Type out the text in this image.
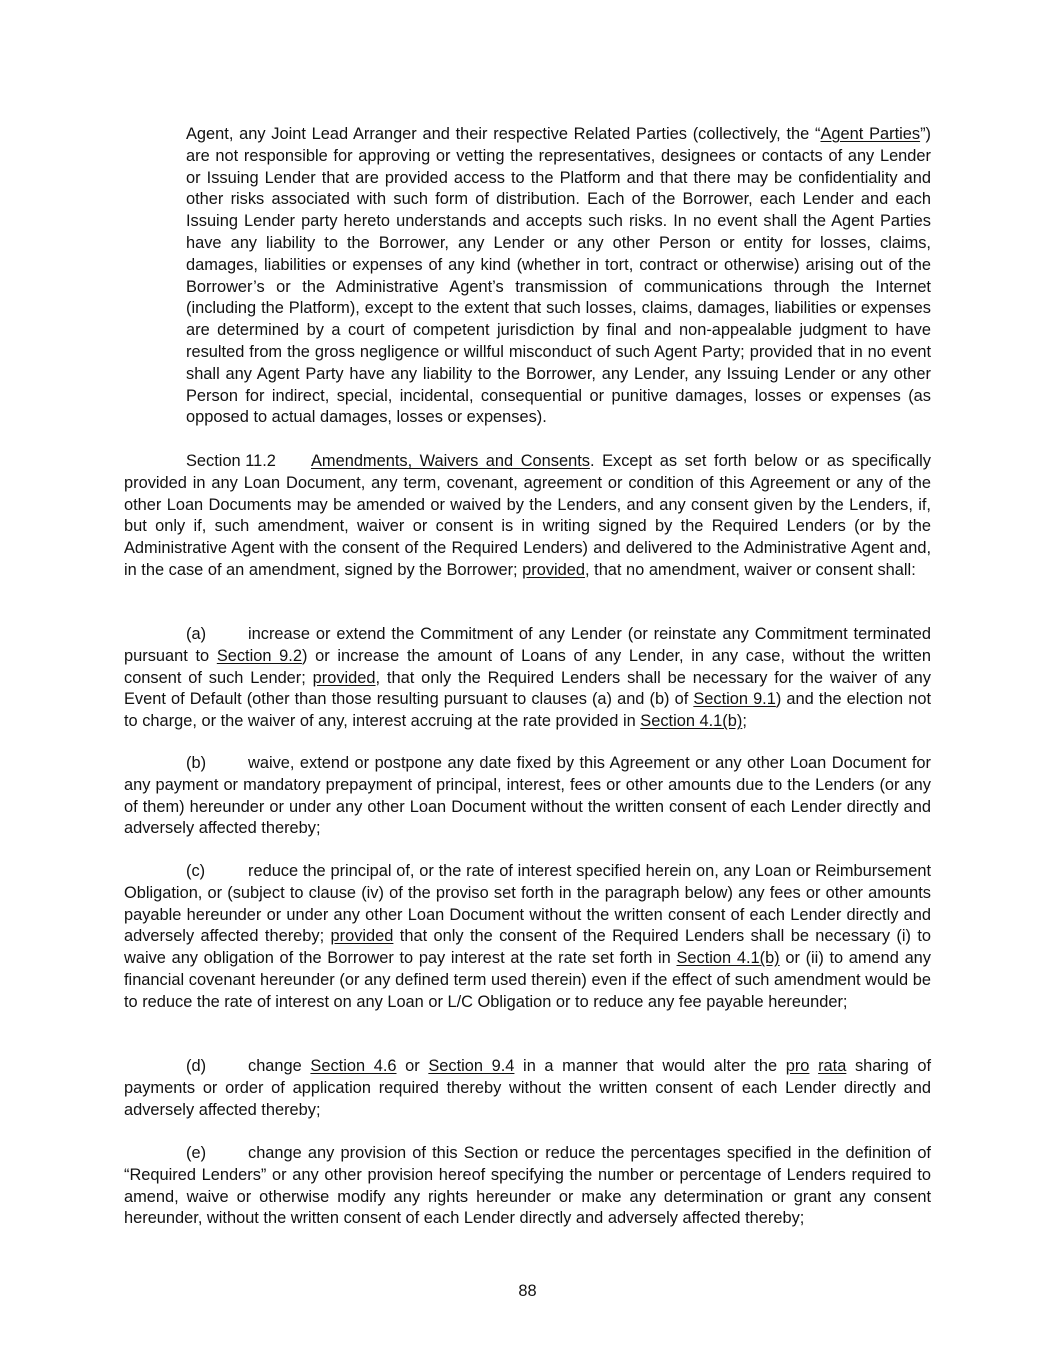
Agent, any Joint Lead Arranger and their respective Related Parties (collectively, the “Agent Parties”) are not responsible for approving or vetting the representatives, designees or contacts of any Lender or Issuing Lender that are provided access to the Platform and that there may be confidentiality and other risks associated with such form of distribution. Each of the Borrower, each Lender and each Issuing Lender party hereto understands and accepts such risks. In no event shall the Agent Parties have any liability to the Borrower, any Lender or any other Person or entity for losses, claims, damages, liabilities or expenses of any kind (whether in tort, contract or otherwise) arising out of the Borrower’s or the Administrative Agent’s transmission of communications through the Internet (including the Platform), except to the extent that such losses, claims, damages, liabilities or expenses are determined by a court of competent jurisdiction by final and non-appealable judgment to have resulted from the gross negligence or willful misconduct of such Agent Party; provided that in no event shall any Agent Party have any liability to the Borrower, any Lender, any Issuing Lender or any other Person for indirect, special, incidental, consequential or punitive damages, losses or expenses (as opposed to actual damages, losses or expenses).

Section 11.2 Amendments, Waivers and Consents. Except as set forth below or as specifically provided in any Loan Document, any term, covenant, agreement or condition of this Agreement or any of the other Loan Documents may be amended or waived by the Lenders, and any consent given by the Lenders, if, but only if, such amendment, waiver or consent is in writing signed by the Required Lenders (or by the Administrative Agent with the consent of the Required Lenders) and delivered to the Administrative Agent and, in the case of an amendment, signed by the Borrower; provided, that no amendment, waiver or consent shall:

(a)	increase or extend the Commitment of any Lender (or reinstate any Commitment terminated pursuant to Section 9.2) or increase the amount of Loans of any Lender, in any case, without the written consent of such Lender; provided, that only the Required Lenders shall be necessary for the waiver of any Event of Default (other than those resulting pursuant to clauses (a) and (b) of Section 9.1) and the election not to charge, or the waiver of any, interest accruing at the rate provided in Section 4.1(b);

(b)	waive, extend or postpone any date fixed by this Agreement or any other Loan Document for any payment or mandatory prepayment of principal, interest, fees or other amounts due to the Lenders (or any of them) hereunder or under any other Loan Document without the written consent of each Lender directly and adversely affected thereby;

(c)	reduce the principal of, or the rate of interest specified herein on, any Loan or Reimbursement Obligation, or (subject to clause (iv) of the proviso set forth in the paragraph below) any fees or other amounts payable hereunder or under any other Loan Document without the written consent of each Lender directly and adversely affected thereby; provided that only the consent of the Required Lenders shall be necessary (i) to waive any obligation of the Borrower to pay interest at the rate set forth in Section 4.1(b) or (ii) to amend any financial covenant hereunder (or any defined term used therein) even if the effect of such amendment would be to reduce the rate of interest on any Loan or L/C Obligation or to reduce any fee payable hereunder;

(d)	change Section 4.6 or Section 9.4 in a manner that would alter the pro rata sharing of payments or order of application required thereby without the written consent of each Lender directly and adversely affected thereby;

(e)	change any provision of this Section or reduce the percentages specified in the definition of “Required Lenders” or any other provision hereof specifying the number or percentage of Lenders required to amend, waive or otherwise modify any rights hereunder or make any determination or grant any consent hereunder, without the written consent of each Lender directly and adversely affected thereby;

88
